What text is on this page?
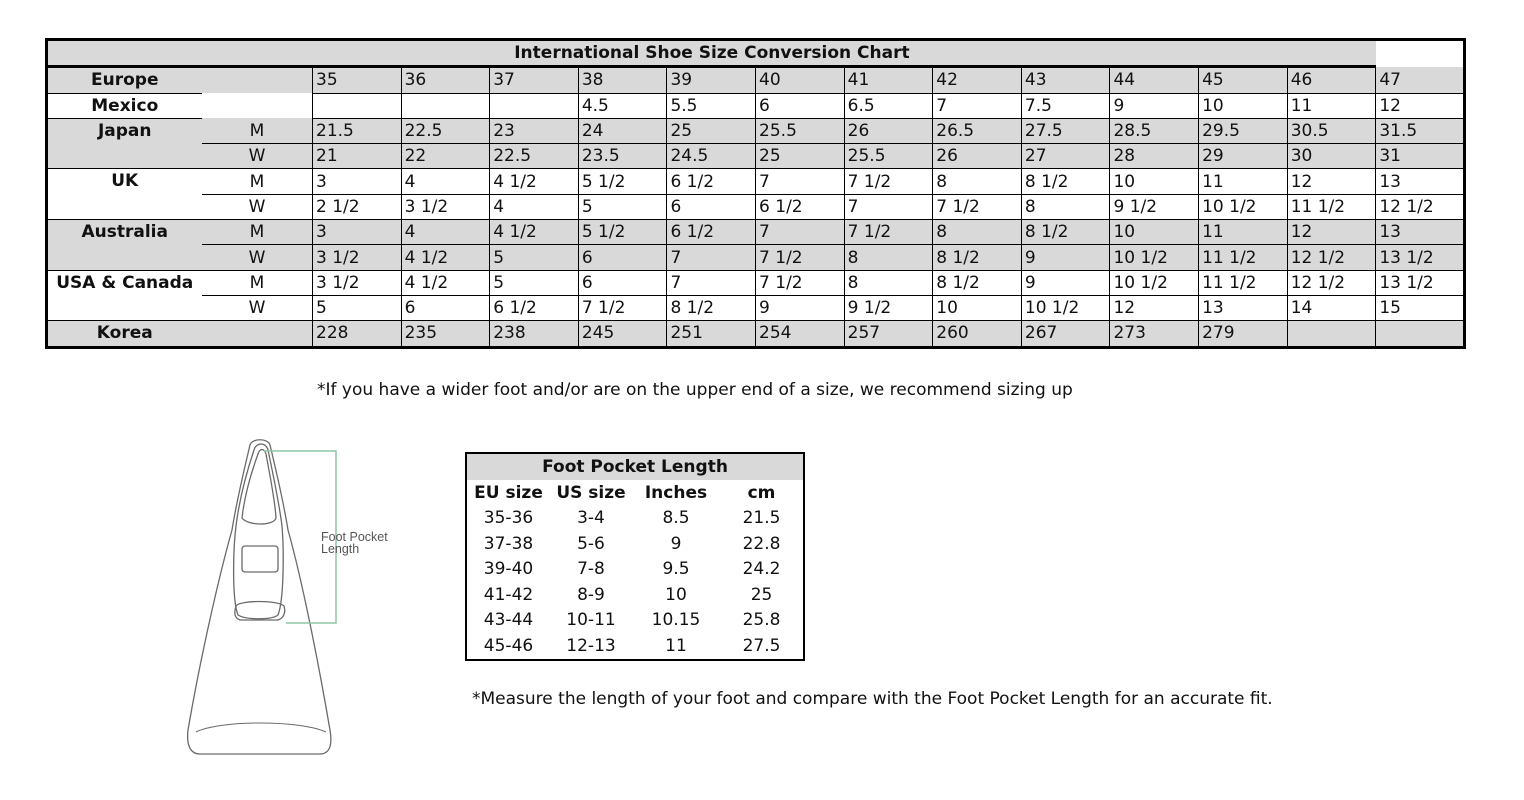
International Shoe Size Conversion Chart														

Europe			35	36	37	38	39	40	41	42	43	44	45	46	47

Mexico						4.5	5.5	6	6.5	7	7.5	9	10	11	12

Japan	M		21.5	22.5	23	24	25	25.5	26	26.5	27.5	28.5	29.5	30.5	31.5
	W		21	22	22.5	23.5	24.5	25	25.5	26	27	28	29	30	31

UK	M		3	4	4 1/2	5 1/2	6 1/2	7	7 1/2	8	8 1/2	10	11	12	13
	W		2 1/2	3 1/2	4	5	6	6 1/2	7	7 1/2	8	9 1/2	10 1/2	11 1/2	12 1/2

Australia	M		3	4	4 1/2	5 1/2	6 1/2	7	7 1/2	8	8 1/2	10	11	12	13
	W		3 1/2	4 1/2	5	6	7	7 1/2	8	8 1/2	9	10 1/2	11 1/2	12 1/2	13 1/2

USA & Canada	M		3 1/2	4 1/2	5	6	7	7 1/2	8	8 1/2	9	10 1/2	11 1/2	12 1/2	13 1/2
	W		5	6	6 1/2	7 1/2	8 1/2	9	9 1/2	10	10 1/2	12	13	14	15

Korea			228	235	238	245	251	254	257	260	267	273	279		
*If you have a wider foot and/or are on the upper end of a size, we recommend sizing up
Foot Pocket
Length
Foot Pocket Length			
EU size	US size	Inches	cm
35-36	3-4	8.5	21.5
37-38	5-6	9	22.8
39-40	7-8	9.5	24.2
41-42	8-9	10	25
43-44	10-11	10.15	25.8
45-46	12-13	11	27.5
*Measure the length of your foot and compare with the Foot Pocket Length for an accurate fit.
